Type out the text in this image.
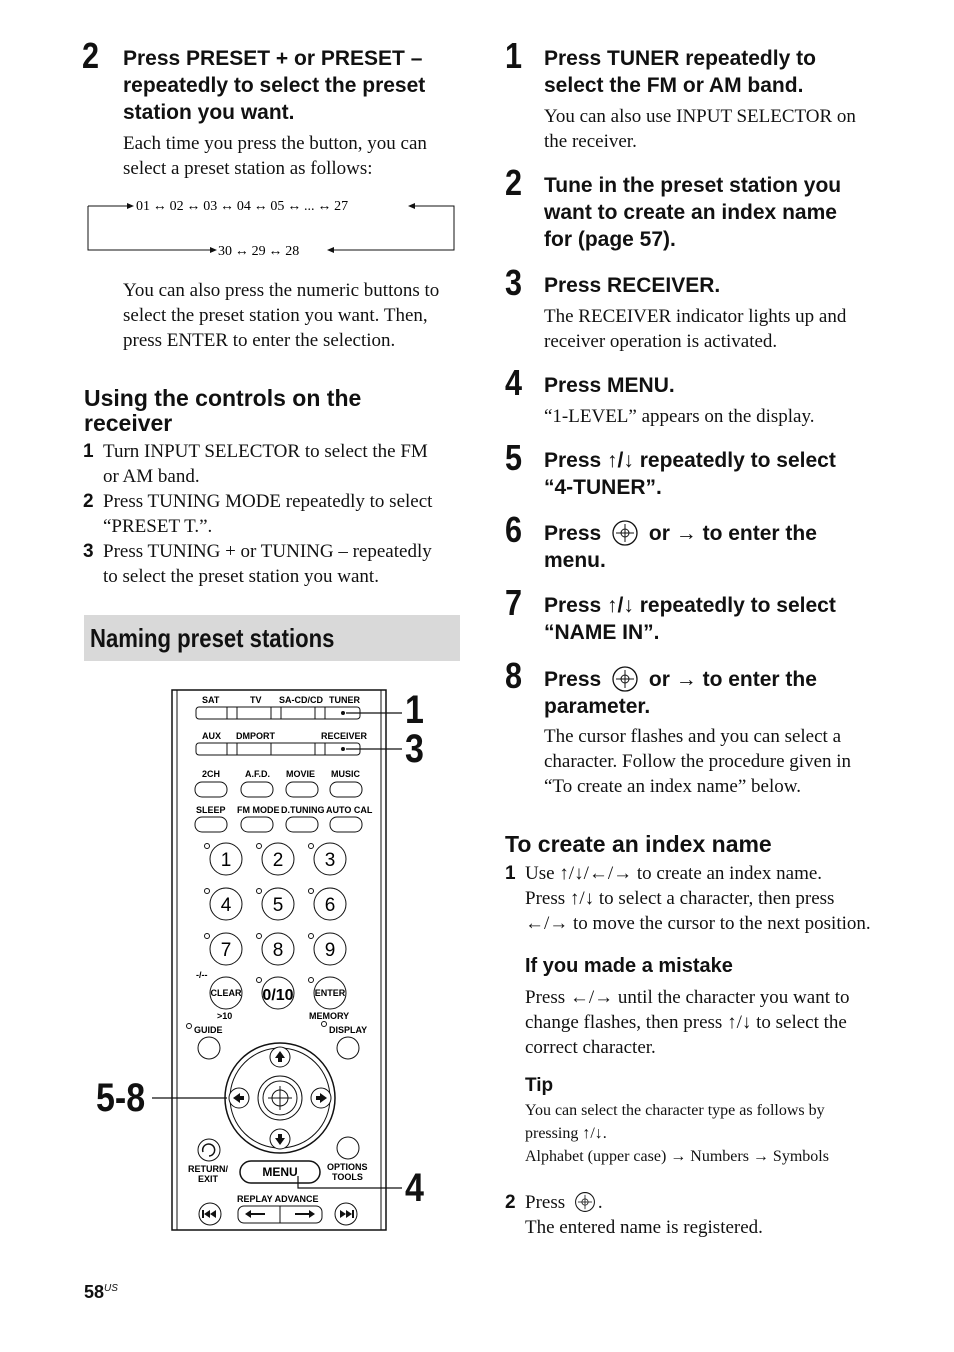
2 Press PRESET + or PRESET –
repeatedly to select the preset
station you want.
Each time you press the button, you can
select a preset station as follows:
01 ↔ 02 ↔ 03 ↔ 04 ↔ 05 ↔ ... ↔ 27
30 ↔ 29 ↔ 28
You can also press the numeric buttons to
select the preset station you want. Then,
press ENTER to enter the selection.
Using the controls on the
receiver
1 Turn INPUT SELECTOR to select the FM
or AM band.
2 Press TUNING MODE repeatedly to select
“PRESET T.”.
3 Press TUNING + or TUNING – repeatedly
to select the preset station you want.
Naming preset stations
SAT	TV SA-CD/CD TUNER
AUX DMPORT	RECEIVER
2CH	A.F.D. MOVIE MUSIC
SLEEP FM MODE D.TUNING AUTO CAL
1 2 3
4 5 6
7 8 9
-/--
CLEAR 0/10 ENTER
>10	MEMORY
GUIDE	DISPLAY
RETURN/
EXIT	MENU	OPTIONS
TOOLS
REPLAY ADVANCE
1
3
5-8
4
1 Press TUNER repeatedly to
select the FM or AM band.
You can also use INPUT SELECTOR on
the receiver.
2 Tune in the preset station you
want to create an index name
for (page 57).
3 Press RECEIVER.
The RECEIVER indicator lights up and
receiver operation is activated.
4 Press MENU.
“1-LEVEL” appears on the display.
5 Press ↑/↓ repeatedly to select
“4-TUNER”.
6 Press or → to enter the
menu.
7 Press ↑/↓ repeatedly to select
“NAME IN”.
8 Press or → to enter the
parameter.
The cursor flashes and you can select a
character. Follow the procedure given in
“To create an index name” below.
To create an index name
1 Use ↑/↓/←/→ to create an index name.
Press ↑/↓ to select a character, then press
←/→ to move the cursor to the next position.
If you made a mistake
Press ←/→ until the character you want to
change flashes, then press ↑/↓ to select the
correct character.
Tip
You can select the character type as follows by
pressing ↑/↓.
Alphabet (upper case) → Numbers → Symbols
2 Press .
The entered name is registered.
$58^{US}$
